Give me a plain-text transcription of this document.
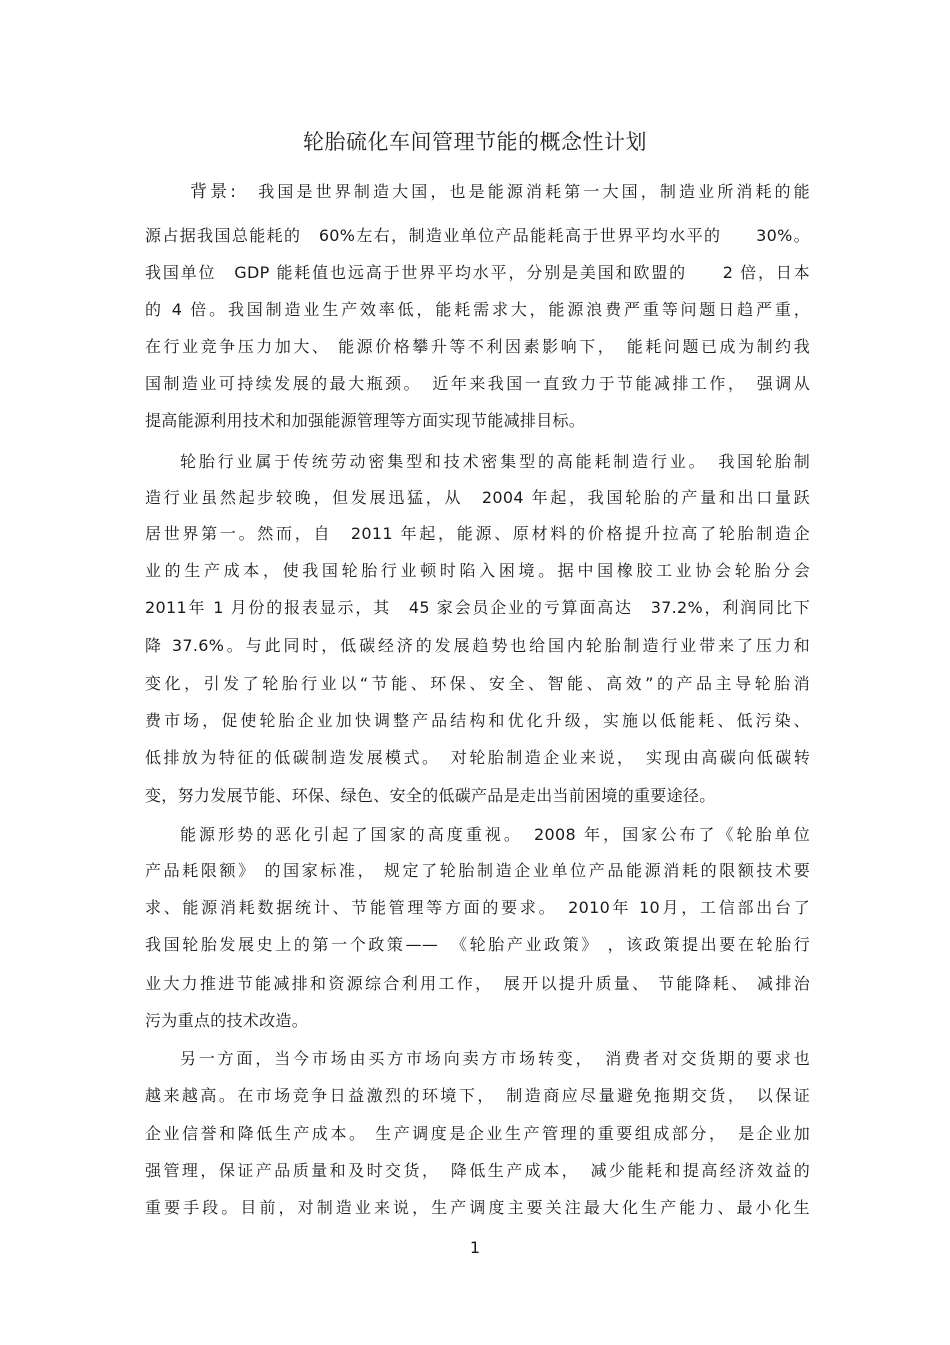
轮胎硫化车间管理节能的概念性计划
背景:　 我国是世界制造大国，也是能源消耗第一大国，制造业所消耗的能
源占据我国总能耗的　60%左右，制造业单位产品能耗高于世界平均水平的　　30%。
我国单位　GDP 能耗值也远高于世界平均水平，分别是美国和欧盟的　　2 倍，日本
的 4 倍。我国制造业生产效率低，能耗需求大，能源浪费严重等问题日趋严重，
在行业竞争压力加大、 能源价格攀升等不利因素影响下，　能耗问题已成为制约我
国制造业可持续发展的最大瓶颈。　近年来我国一直致力于节能减排工作，　强调从
提高能源利用技术和加强能源管理等方面实现节能减排目标。
轮胎行业属于传统劳动密集型和技术密集型的高能耗制造行业。　我国轮胎制
造行业虽然起步较晚，但发展迅猛，从　2004 年起，我国轮胎的产量和出口量跃
居世界第一。然而，自　2011 年起，能源、原材料的价格提升拉高了轮胎制造企
业的生产成本，使我国轮胎行业顿时陷入困境。据中国橡胶工业协会轮胎分会
2011年 1 月份的报表显示，其　45 家会员企业的亏算面高达　37.2%，利润同比下
降 37.6%。与此同时，低碳经济的发展趋势也给国内轮胎制造行业带来了压力和
变化，引发了轮胎行业以“节能、环保、安全、智能、高效”的产品主导轮胎消
费市场，促使轮胎企业加快调整产品结构和优化升级，实施以低能耗、低污染、
低排放为特征的低碳制造发展模式。　对轮胎制造企业来说，　实现由高碳向低碳转
变，努力发展节能、环保、绿色、安全的低碳产品是走出当前困境的重要途径。
能源形势的恶化引起了国家的高度重视。　2008 年，国家公布了《轮胎单位
产品耗限额》 的国家标准， 规定了轮胎制造企业单位产品能源消耗的限额技术要
求、能源消耗数据统计、节能管理等方面的要求。　2010年 10月，工信部出台了
我国轮胎发展史上的第一个政策——　《轮胎产业政策》 ，该政策提出要在轮胎行
业大力推进节能减排和资源综合利用工作，　展开以提升质量、 节能降耗、 减排治
污为重点的技术改造。
另一方面，当今市场由买方市场向卖方市场转变，　消费者对交货期的要求也
越来越高。在市场竞争日益激烈的环境下，　制造商应尽量避免拖期交货，　以保证
企业信誉和降低生产成本。 生产调度是企业生产管理的重要组成部分，　是企业加
强管理，保证产品质量和及时交货，　降低生产成本，　减少能耗和提高经济效益的
重要手段。目前，对制造业来说，生产调度主要关注最大化生产能力、最小化生
1
